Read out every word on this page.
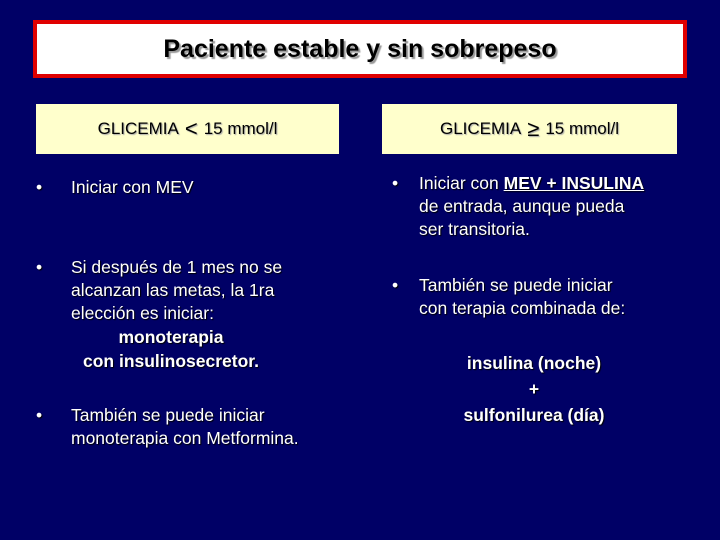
Paciente estable y sin sobrepeso
GLICEMIA < 15 mmol/l	GLICEMIA ≥ 15 mmol/l
•	Iniciar con MEV
•	Si después de 1 mes no se
alcanzan las metas, la 1ra
elección es iniciar:
monoterapia
con insulinosecretor.
•	También se puede iniciar
monoterapia con Metformina.
•	Iniciar con MEV + INSULINA
de entrada, aunque pueda
ser transitoria.
•	También se puede iniciar
con terapia combinada de:
insulina (noche)
+
sulfonilurea (día)
